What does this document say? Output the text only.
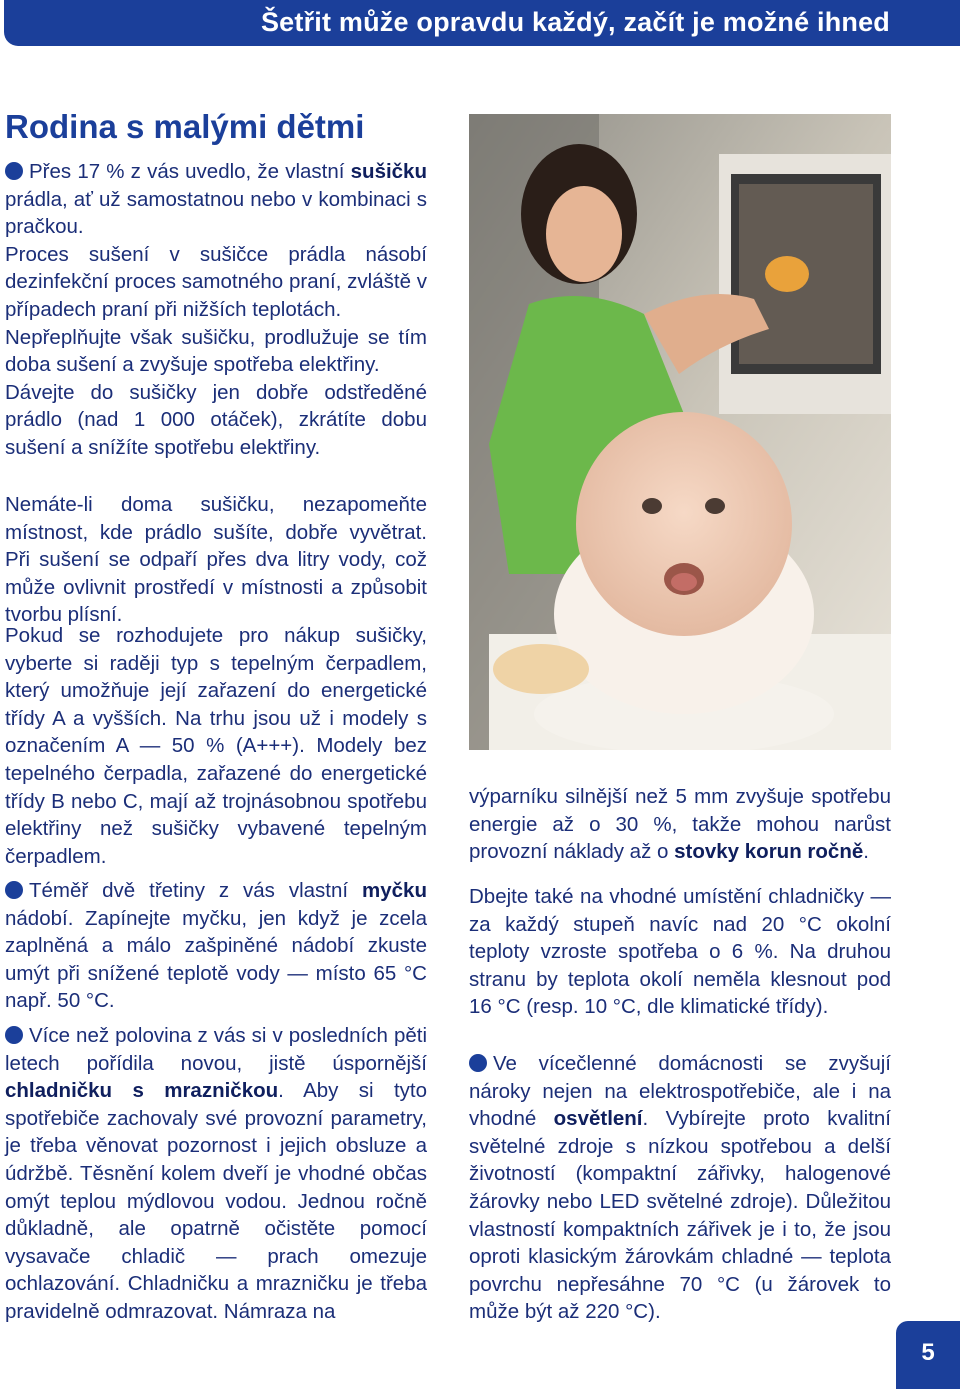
Šetřit může opravdu každý, začít je možné ihned
Rodina s malými dětmi

Přes 17 % z vás uvedlo, že vlastní sušičku prádla, ať už samostatnou nebo v kombinaci s pračkou.

Proces sušení v sušičce prádla násobí dezinfekční proces samotného praní, zvláště v případech praní při nižších teplotách.

Nepřeplňujte však sušičku, prodlužuje se tím doba sušení a zvyšuje spotřeba elektřiny.

Dávejte do sušičky jen dobře odstředěné prádlo (nad 1 000 otáček), zkrátíte dobu sušení a snížíte spotřebu elektřiny.

Nemáte-li doma sušičku, nezapomeňte místnost, kde prádlo sušíte, dobře vyvětrat. Při sušení se odpaří přes dva litry vody, což může ovlivnit prostředí v místnosti a způsobit tvorbu plísní.

Pokud se rozhodujete pro nákup sušičky, vyberte si raději typ s tepelným čerpadlem, který umožňuje její zařazení do energetické třídy A a vyšších. Na trhu jsou už i modely s označením A — 50 % (A+++). Modely bez tepelného čerpadla, zařazené do energetické třídy B nebo C, mají až trojnásobnou spotřebu elektřiny než sušičky vybavené tepelným čerpadlem.

Téměř dvě třetiny z vás vlastní myčku nádobí. Zapínejte myčku, jen když je zcela zaplněná a málo zašpiněné nádobí zkuste umýt při snížené teplotě vody — místo 65 °C např. 50 °C.

Více než polovina z vás si v posledních pěti letech pořídila novou, jistě úspornější chladničku s mrazničkou. Aby si tyto spotřebiče zachovaly své provozní parametry, je třeba věnovat pozornost i jejich obsluze a údržbě. Těsnění kolem dveří je vhodné občas omýt teplou mýdlovou vodou. Jednou ročně důkladně, ale opatrně očistěte pomocí vysavače chladič — prach omezuje ochlazování. Chladničku a mrazničku je třeba pravidelně odmrazovat. Námraza na

výparníku silnější než 5 mm zvyšuje spotřebu energie až o 30 %, takže mohou narůst provozní náklady až o stovky korun ročně.

Dbejte také na vhodné umístění chladničky — za každý stupeň navíc nad 20 °C okolní teploty vzroste spotřeba o 6 %. Na druhou stranu by teplota okolí neměla klesnout pod 16 °C (resp. 10 °C, dle klimatické třídy).

Ve vícečlenné domácnosti se zvyšují nároky nejen na elektrospotřebiče, ale i na vhodné osvětlení. Vybírejte proto kvalitní světelné zdroje s nízkou spotřebou a delší životností (kompaktní zářivky, halogenové žárovky nebo LED světelné zdroje). Důležitou vlastností kompaktních zářivek je i to, že jsou oproti klasickým žárovkám chladné — teplota povrchu nepřesáhne 70 °C (u žárovek to může být až 220 °C).

5
